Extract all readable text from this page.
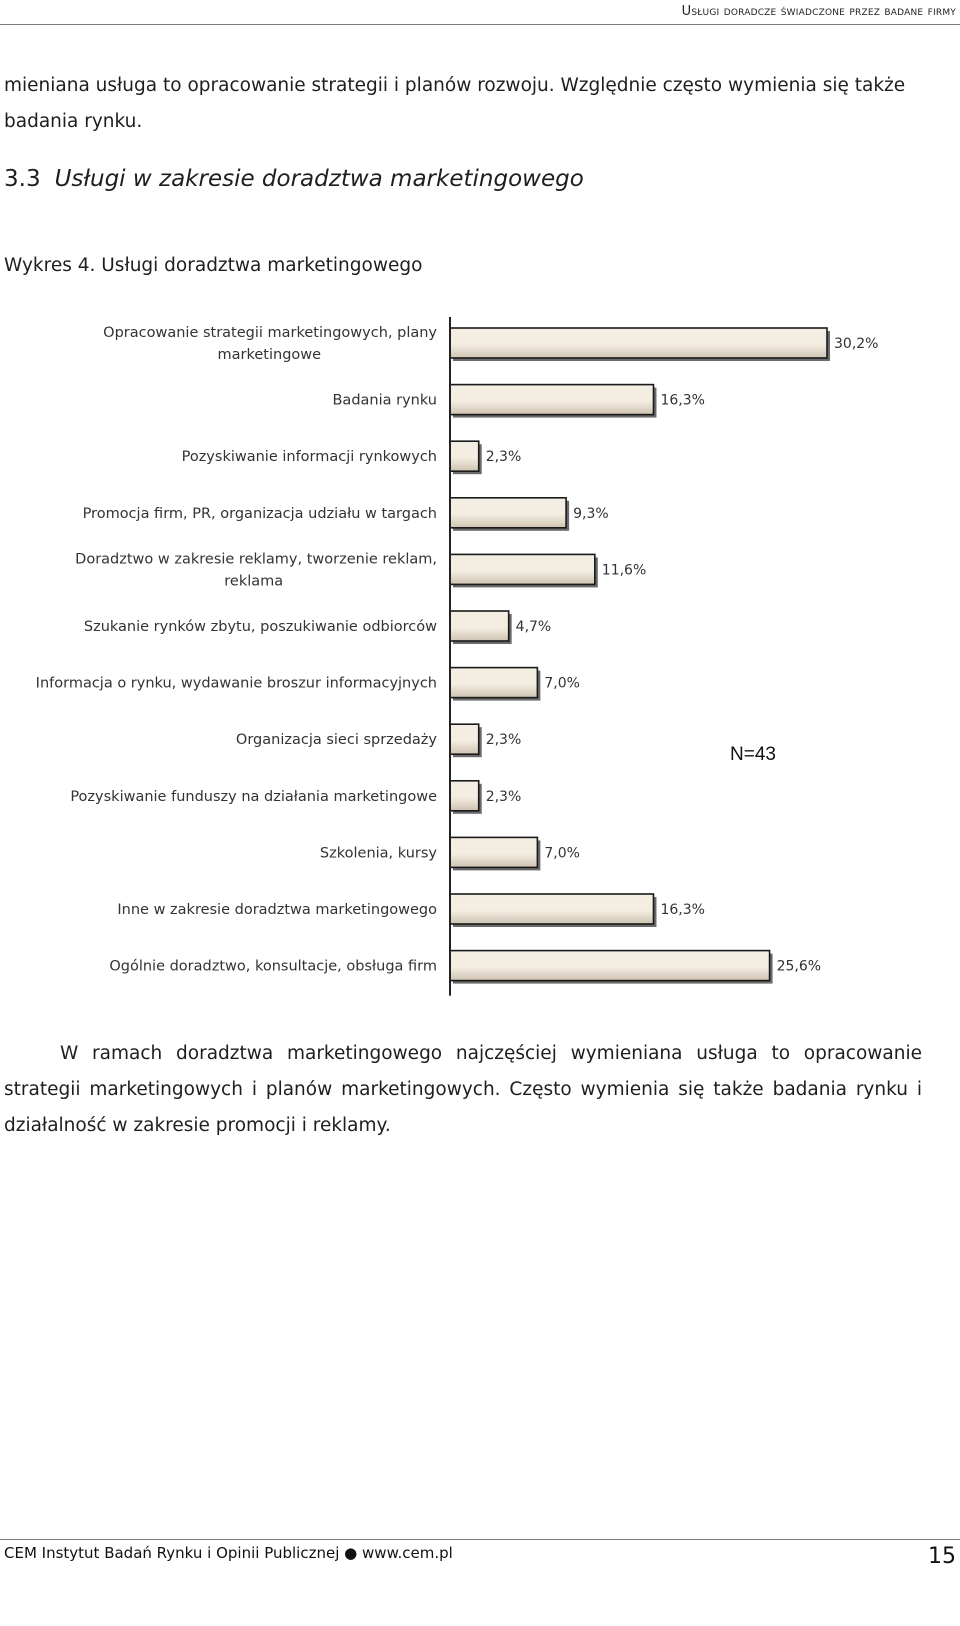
Usługi doradcze świadczone przez badane firmy
mieniana usługa to opracowanie strategii i planów rozwoju. Względnie często wymienia się także badania rynku.
3.3 Usługi w zakresie doradztwa marketingowego
Wykres 4. Usługi doradztwa marketingowego
30,2%
Opracowanie strategii marketingowych, plany
marketingowe
16,3%
Badania rynku
2,3%
Pozyskiwanie informacji rynkowych
9,3%
Promocja firm, PR, organizacja udziału w targach
11,6%
Doradztwo w zakresie reklamy, tworzenie reklam,
reklama
4,7%
Szukanie rynków zbytu, poszukiwanie odbiorców
7,0%
Informacja o rynku, wydawanie broszur informacyjnych
2,3%
Organizacja sieci sprzedaży
2,3%
Pozyskiwanie funduszy na działania marketingowe
7,0%
Szkolenia, kursy
16,3%
Inne w zakresie doradztwa marketingowego
25,6%
Ogólnie doradztwo, konsultacje, obsługa firm
N=43
W ramach doradztwa marketingowego najczęściej wymieniana usługa to opracowanie strategii marketingowych i planów marketingowych. Często wymienia się także badania rynku i działalność w zakresie promocji i reklamy.
CEM Instytut Badań Rynku i Opinii Publicznej ● www.cem.pl	15
